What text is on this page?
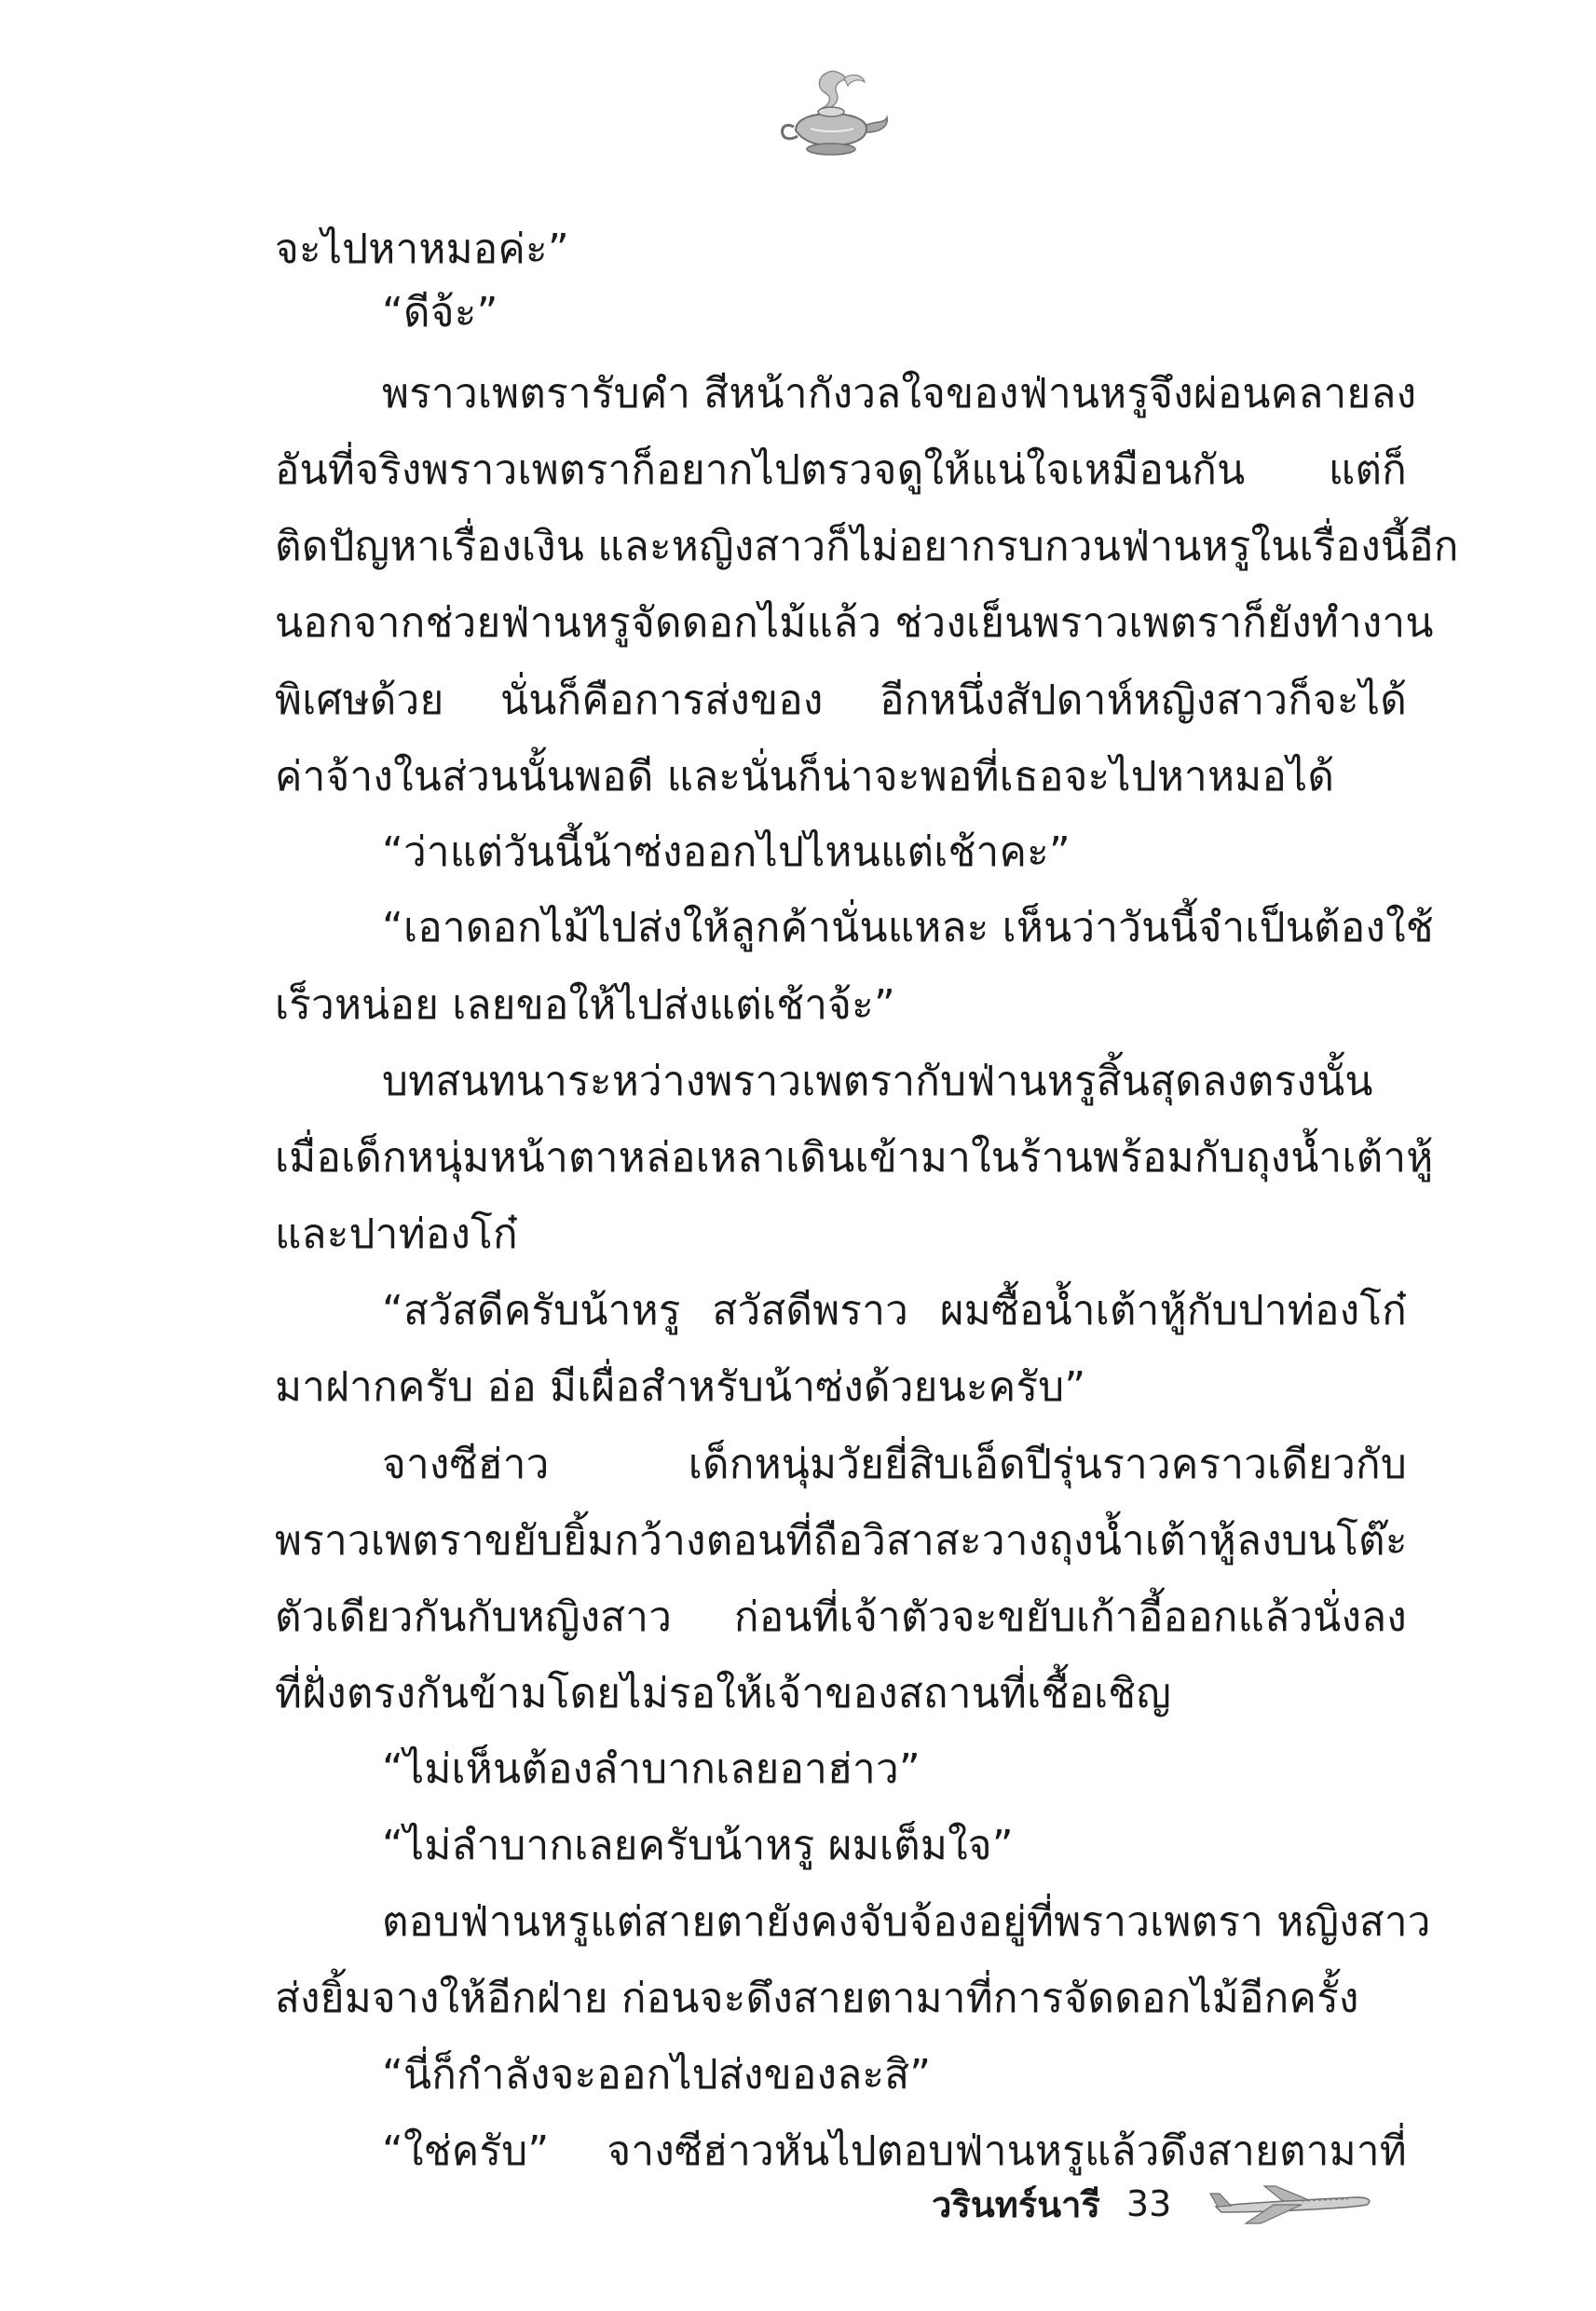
จะไปหาหมอค่ะ”
“ดีจ้ะ”
พราวเพตรารับคำ สีหน้ากังวลใจของฟ่านหรูจึงผ่อนคลายลง
อันที่จริงพราวเพตราก็อยากไปตรวจดูให้แน่ใจเหมือนกัน แต่ก็
ติดปัญหาเรื่องเงิน และหญิงสาวก็ไม่อยากรบกวนฟ่านหรูในเรื่องนี้อีก
นอกจากช่วยฟ่านหรูจัดดอกไม้แล้ว ช่วงเย็นพราวเพตราก็ยังทำงาน
พิเศษด้วย นั่นก็คือการส่งของ อีกหนึ่งสัปดาห์หญิงสาวก็จะได้
ค่าจ้างในส่วนนั้นพอดี และนั่นก็น่าจะพอที่เธอจะไปหาหมอได้
“ว่าแต่วันนี้น้าซ่งออกไปไหนแต่เช้าคะ”
“เอาดอกไม้ไปส่งให้ลูกค้านั่นแหละ เห็นว่าวันนี้จำเป็นต้องใช้
เร็วหน่อย เลยขอให้ไปส่งแต่เช้าจ้ะ”
บทสนทนาระหว่างพราวเพตรากับฟ่านหรูสิ้นสุดลงตรงนั้น
เมื่อเด็กหนุ่มหน้าตาหล่อเหลาเดินเข้ามาในร้านพร้อมกับถุงน้ำเต้าหู้
และปาท่องโก๋
“สวัสดีครับน้าหรู สวัสดีพราว ผมซื้อน้ำเต้าหู้กับปาท่องโก๋
มาฝากครับ อ่อ มีเผื่อสำหรับน้าซ่งด้วยนะครับ”
จางซีฮ่าว เด็กหนุ่มวัยยี่สิบเอ็ดปีรุ่นราวคราวเดียวกับ
พราวเพตราขยับยิ้มกว้างตอนที่ถือวิสาสะวางถุงน้ำเต้าหู้ลงบนโต๊ะ
ตัวเดียวกันกับหญิงสาว ก่อนที่เจ้าตัวจะขยับเก้าอี้ออกแล้วนั่งลง
ที่ฝั่งตรงกันข้ามโดยไม่รอให้เจ้าของสถานที่เชื้อเชิญ
“ไม่เห็นต้องลำบากเลยอาฮ่าว”
“ไม่ลำบากเลยครับน้าหรู ผมเต็มใจ”
ตอบฟ่านหรูแต่สายตายังคงจับจ้องอยู่ที่พราวเพตรา หญิงสาว
ส่งยิ้มจางให้อีกฝ่าย ก่อนจะดึงสายตามาที่การจัดดอกไม้อีกครั้ง
“นี่ก็กำลังจะออกไปส่งของละสิ”
“ใช่ครับ” จางซีฮ่าวหันไปตอบฟ่านหรูแล้วดึงสายตามาที่
วรินทร์นารี 33
